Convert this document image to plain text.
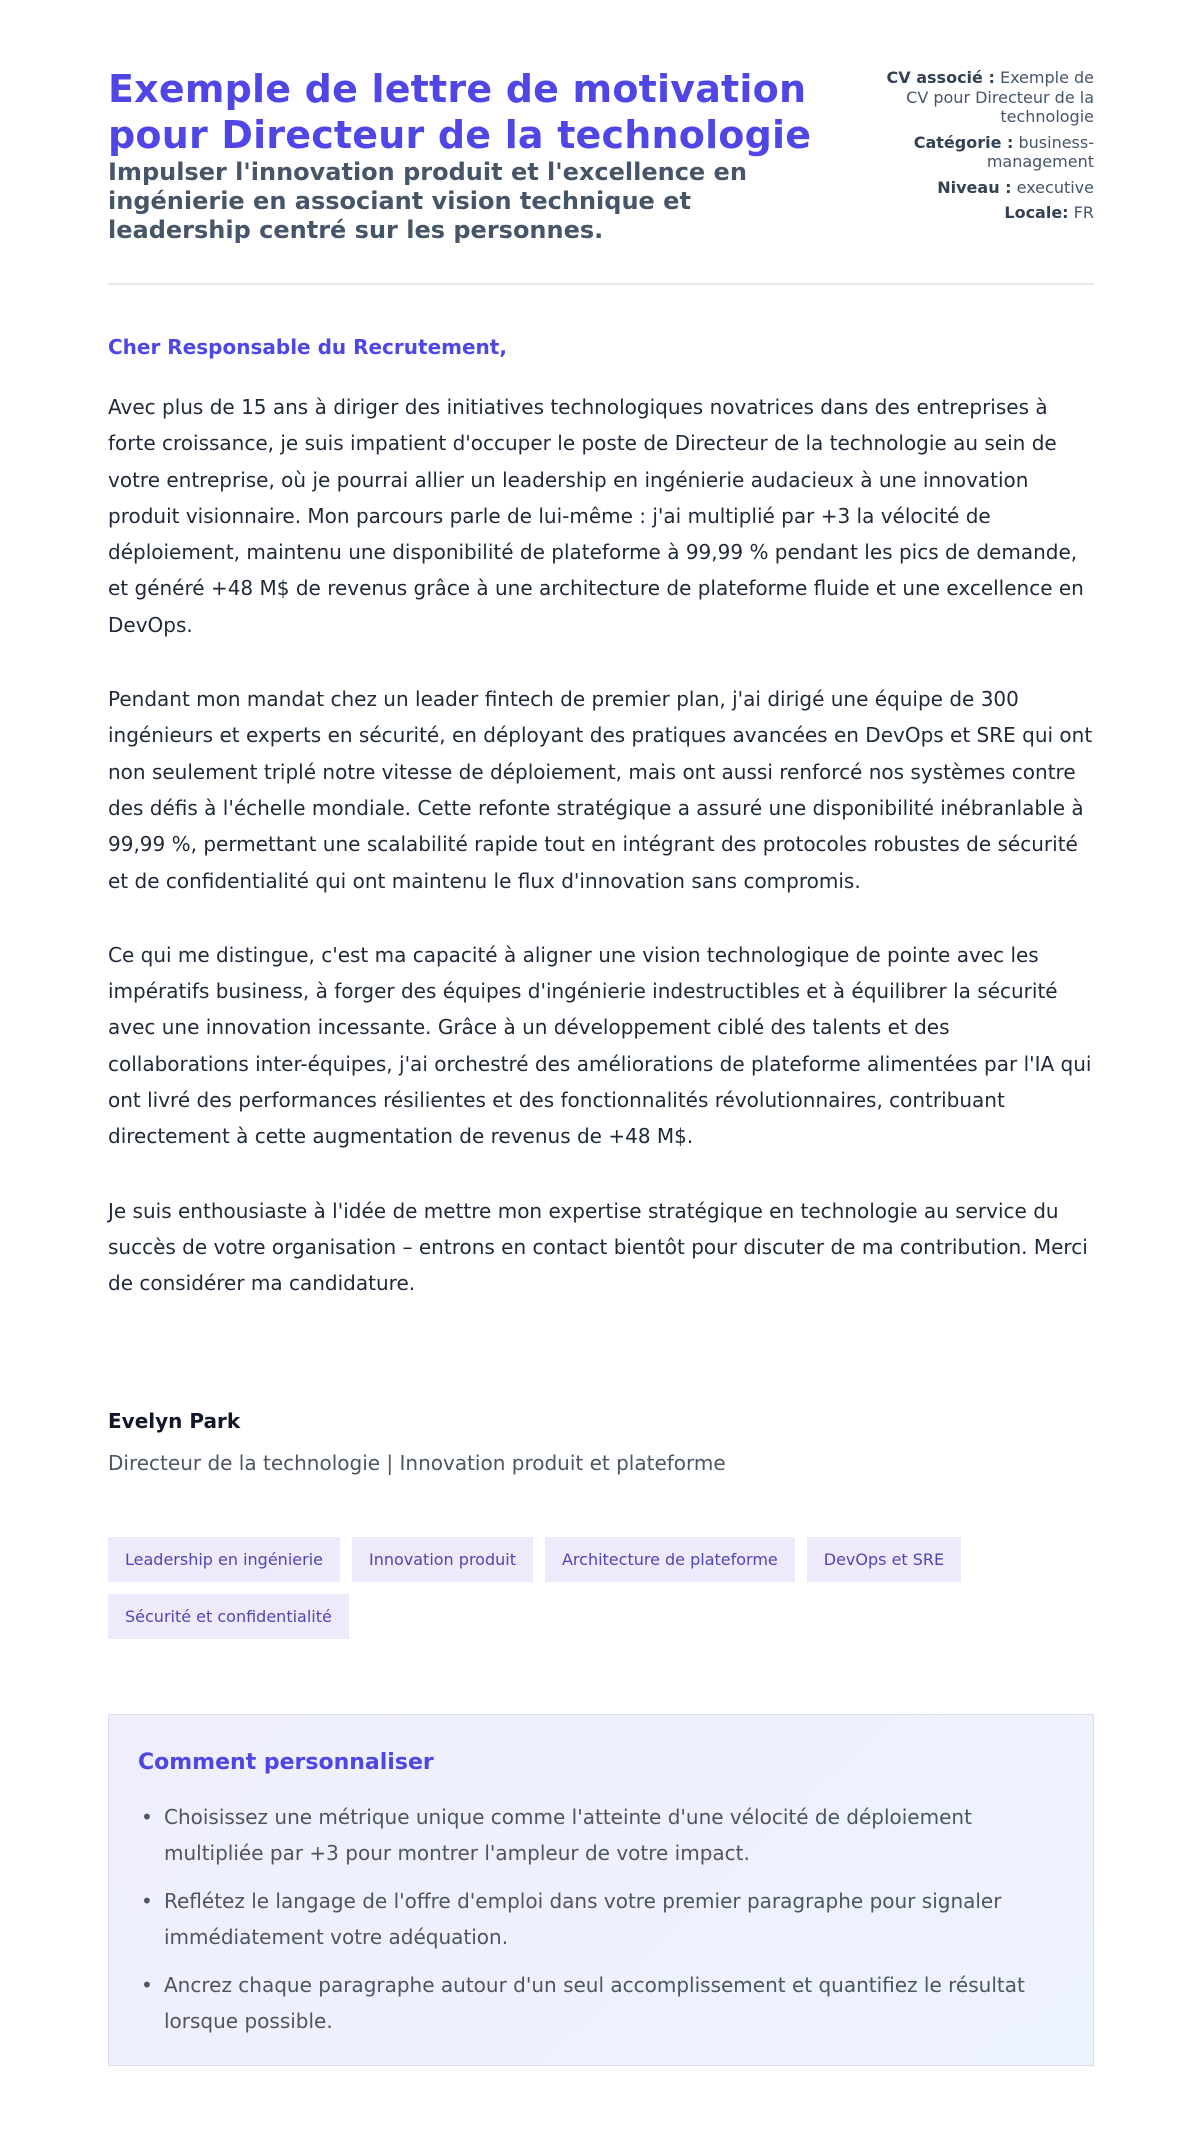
Exemple de lettre de motivation pour Directeur de la technologie
Impulser l'innovation produit et l'excellence en ingénierie en associant vision technique et leadership centré sur les personnes.
CV associé : Exemple de CV pour Directeur de la technologie
Catégorie : business-management
Niveau : executive
Locale: FR
Cher Responsable du Recrutement,

Avec plus de 15 ans à diriger des initiatives technologiques novatrices dans des entreprises à forte croissance, je suis impatient d'occuper le poste de Directeur de la technologie au sein de votre entreprise, où je pourrai allier un leadership en ingénierie audacieux à une innovation produit visionnaire. Mon parcours parle de lui-même : j'ai multiplié par +3 la vélocité de déploiement, maintenu une disponibilité de plateforme à 99,99 % pendant les pics de demande, et généré +48 M$ de revenus grâce à une architecture de plateforme fluide et une excellence en DevOps.

Pendant mon mandat chez un leader fintech de premier plan, j'ai dirigé une équipe de 300 ingénieurs et experts en sécurité, en déployant des pratiques avancées en DevOps et SRE qui ont non seulement triplé notre vitesse de déploiement, mais ont aussi renforcé nos systèmes contre des défis à l'échelle mondiale. Cette refonte stratégique a assuré une disponibilité inébranlable à 99,99 %, permettant une scalabilité rapide tout en intégrant des protocoles robustes de sécurité et de confidentialité qui ont maintenu le flux d'innovation sans compromis.

Ce qui me distingue, c'est ma capacité à aligner une vision technologique de pointe avec les impératifs business, à forger des équipes d'ingénierie indestructibles et à équilibrer la sécurité avec une innovation incessante. Grâce à un développement ciblé des talents et des collaborations inter-équipes, j'ai orchestré des améliorations de plateforme alimentées par l'IA qui ont livré des performances résilientes et des fonctionnalités révolutionnaires, contribuant directement à cette augmentation de revenus de +48 M$.

Je suis enthousiaste à l'idée de mettre mon expertise stratégique en technologie au service du succès de votre organisation – entrons en contact bientôt pour discuter de ma contribution. Merci de considérer ma candidature.

Evelyn Park
Directeur de la technologie | Innovation produit et plateforme
Leadership en ingénierie	Innovation produit	Architecture de plateforme	DevOps et SRE
Sécurité et confidentialité
Comment personnaliser
• Choisissez une métrique unique comme l'atteinte d'une vélocité de déploiement multipliée par +3 pour montrer l'ampleur de votre impact.
• Reflétez le langage de l'offre d'emploi dans votre premier paragraphe pour signaler immédiatement votre adéquation.
• Ancrez chaque paragraphe autour d'un seul accomplissement et quantifiez le résultat lorsque possible.
